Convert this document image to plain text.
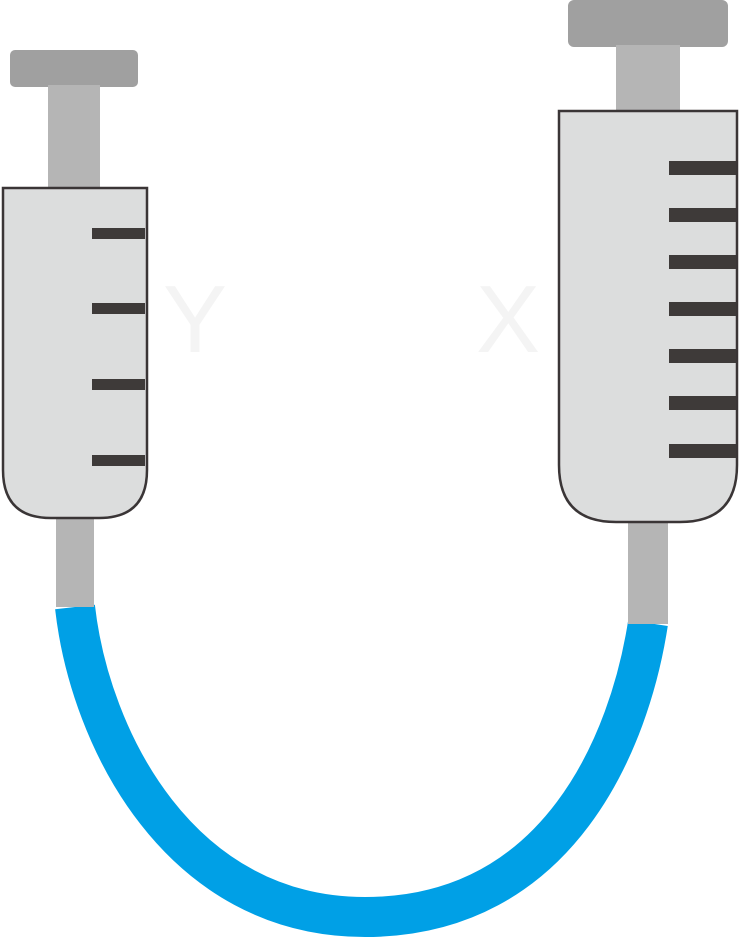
Y	X
